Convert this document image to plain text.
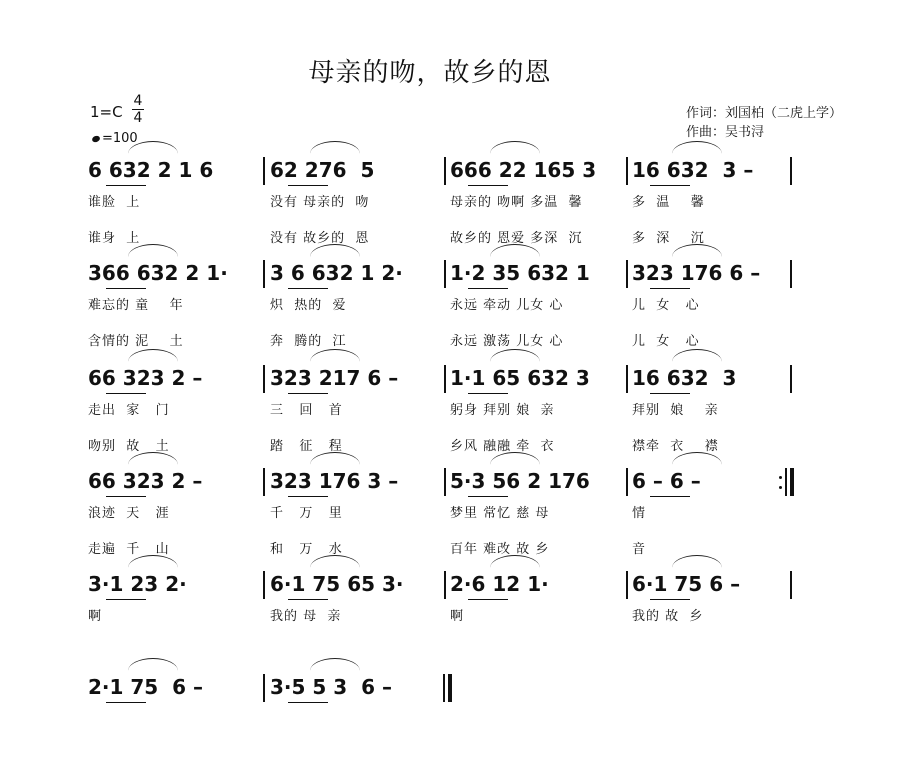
母亲的吻，故乡的恩
1=C
4
4
=100
作词：刘国柏（二虎上学）
作曲：吴书浔
6 632 2 1 6	62 276  5	666 22 165 3 16 632  3 –
谁脸  上	没有 母亲的  吻	母亲的 吻啊 多温  馨	多  温    馨
谁身  上	没有 故乡的  恩	故乡的 恩爱 多深  沉	多  深    沉
366 632 2 1· 3 6 632 1 2· 1·2 35 632 1 323 176 6 –
难忘的 童    年	炽  热的  爱	永远 牵动 儿女 心	儿  女   心
含情的 泥    土	奔  腾的  江	永远 激荡 儿女 心	儿  女   心
66 323 2 –	323 217 6 –	1·1 65 632 3 16 632  3
走出  家   门	三   回   首	躬身 拜别 娘  亲	拜别  娘    亲
吻别  故   土	踏   征   程	乡风 融融 牵  衣	襟牵  衣    襟
66 323 2 –	323 176 3 –	5·3 56 2 176 6 – 6 –
浪迹  天   涯	千   万   里	梦里 常忆 慈 母	情
走遍  千   山	和   万   水	百年 难改 故 乡	音
3·1 23 2·	6·1 75 65 3· 2·6 12 1·	6·1 75 6 –
啊	我的 母  亲	啊	我的 故  乡
2·1 75  6 –	3·5 5 3  6 –
